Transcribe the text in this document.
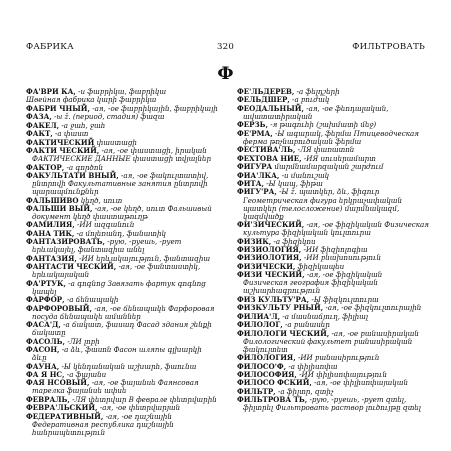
ФАБРИКА	320	ФИЛЬТРОВАТЬ
Ф

ФА'ВРИ КА, -и ֆաբրիկա, ֆաբրիկա

Швейная фабрика կարի ֆաբրիկա

ФАБРИ ЧНЫЙ, -ая, -ое ֆաբրիկային, ֆաբրիկայի

ФАЗА, -ы ž. (период, стадия) ֆազա

ФАКЕЛ, -а ջահ, ջահ

ФАКТ, -а փաստ

ФАКТИЧЕСКИЙ փաստացի

ФАКТИ ЧЕСКИЙ, -ая, -ое փաստացի, իրական ФАКТИЧЕСКИЕ ДАННЫЕ փաստացի տվյալներ

ФАКТОР, -а գործոն

ФАКУЛЬТАТИ ВНЫЙ, -ая, -ое ֆակուլտատիվ, ընտրովի Факультативные занятия ընտրովի պարապմունքներ

ФАЛЬШИВО կեղծ, սուտ

ФАЛЬШИ ВЫЙ, -ая, -ое կեղծ, սուտ Фальшивый документ կեղծ փաստաթուղթ

ФАМИЛИЯ, -ИИ ազգանուն

ФАНА ТИК, -а մոլեռանդ, ֆանատիկ

ФАНТАЗИРОВАТЬ, -рую, -руешь, -рует երևակայել, ֆանտազիա անել

ФАНТАЗИЯ, -ИИ երևակայություն, ֆանտազիա

ФАНТАСТИ ЧЕСКИЙ, -ая, -ое ֆանտաստիկ, երևակայական

ФА'РТУК, -а գոգնոց Завязать фартук գոգնոց կապել

ФАРФОР, -а ճենապակի

ФАРФОРОВЫЙ, -ая, -ое ճենապակե Фарфоровая посуда ճենապակե ամաններ

ФАСА'Д, -а ճակատ, ֆասադ Фасад здания շենքի ճակատը

ФАСОЛЬ, -ЛИ լոբի

ФАСОН, -а ձև, ֆասոն Фасон шляпы գլխարկի ձևը

ФАУНА, -Ы կենդանական աշխարհ, ֆաունա

ФА Я НС, -а ֆայանս

ФАЯ НСОВЫЙ, -ая, -ое ֆայանսե Фаянсовая тарелка ֆայանսե ափսե

ФЕВРАЛЬ, -ЛЯ փետրվար В феврале փետրվարին

ФЕВРА'ЛЬСКИЙ, -ая, -ое փետրվարյան

ФЕДЕРАТИВНЫЙ, -ая, -ое դաշնային Федеративная республика դաշնային հանրապետություն

ФЕ'ЛЬДЕРЕВ, -а ֆելդշերի

ФЕЛЬДШЕР, -а բուժակ

ФЕОДАЛЬНЫЙ, -ая, -ое ֆեոդալական, ավատատիրական

ФЕРЗЬ, -я թագուհի (շախմատի մեջ)

ФЕ'РМА, -Ы ագարակ, ֆերմա Птицеводческая ферма թռչնաբուծական ֆերմա

ФЕСТИВА'ЛЬ, -ЛЯ փառատոն

ФЕХТОВА НИЕ, -ИЯ սուսերամարտ

ФИГУРА մարմնամարզական շարժում

ФИА'ЛКА, -и մանուշակ

ФИТА, -Ы կապ, ֆիթա

ФИГУ'РА, -Ы ž. պատկեր, ձև, ֆիգուր Геометрическая фигура երկրաչափական պատկեր (телосложение) մարմնակազմ, կազմվածք

ФИ'ЗИЧЕСКИЙ, -ая, -ое ֆիզիկական Физическая культура ֆիզիկական կուլտուրա

ФИЗИК, -а ֆիզիկոս

ФИЗИОЛОГИЯ, -ИИ ֆիզիոլոգիա

ФИЗИОЛОТИЯ, -ИИ բնախոսություն

ФИЗИЧЕСКИ, ֆիզիկապես

ФИЗИ ЧЕСКИЙ, -ая, -ое ֆիզիկական Физическая география ֆիզիկական աշխարհագրություն

ФИЗ КУЛЬТУ'РА, -Ы ֆիզկուլտուրա

ФИЗКУЛЬТУ РНЫЙ, -ая, -ое ֆիզկուլտուրային

ФИЛИА'Л, -а մասնաճյուղ, ֆիլիալ

ФИЛОЛОГ, -а բանասեր

ФИЛОЛОГИ ЧЕСКИЙ, -ая, -ое բանասիրական Филологический факультет բանասիրական ֆակուլտետ

ФИЛОЛОГИЯ, -ИИ բանասիրություն

ФИЛОСО'Ф, -а փիլիսոփա

ФИЛОСОФИЯ, -ИИ փիլիսոփայություն

ФИЛОСО ФСКИЙ, -ая, -ое փիլիսոփայական

ФИЛЬТР, -а ֆիլտր, զտիչ

ФИЛЬТРОВА ТЬ, -рую, -руешь, -рует զտել, ֆիլտրել Фильтровать раствор լուծույթը զտել
